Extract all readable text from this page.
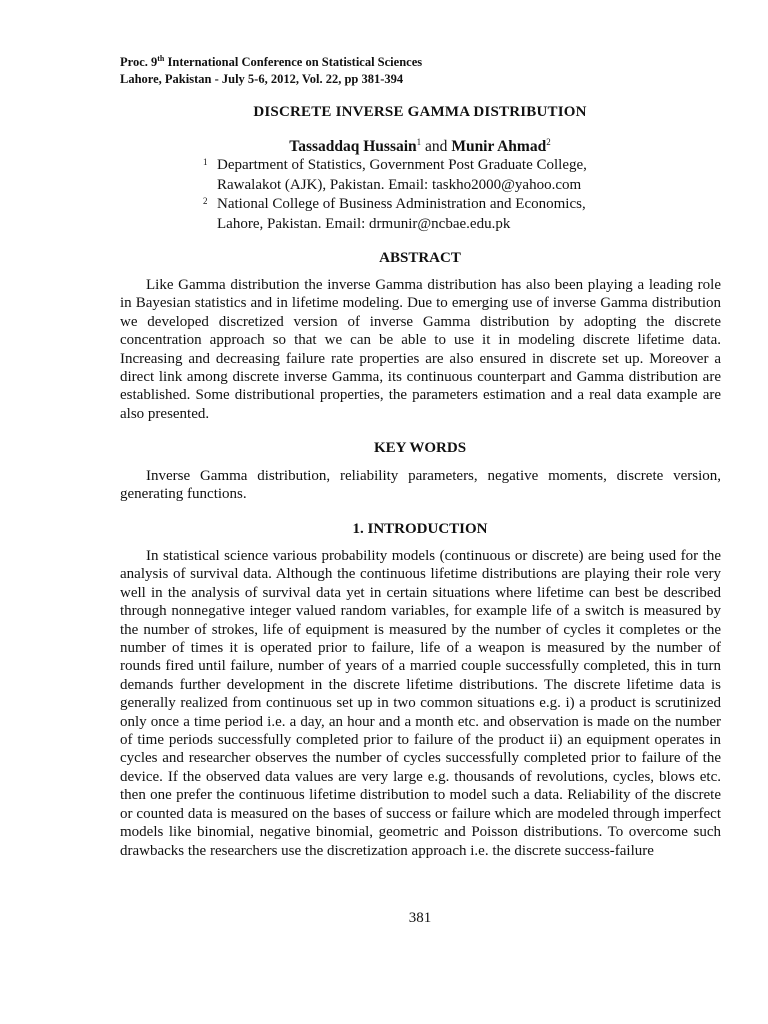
Proc. 9th International Conference on Statistical Sciences
Lahore, Pakistan - July 5-6, 2012, Vol. 22, pp 381-394
DISCRETE INVERSE GAMMA DISTRIBUTION
Tassaddaq Hussain$^1$ and Munir Ahmad$^2$
1 Department of Statistics, Government Post Graduate College,
Rawalakot (AJK), Pakistan. Email: taskho2000@yahoo.com
2 National College of Business Administration and Economics,
Lahore, Pakistan. Email: drmunir@ncbae.edu.pk
ABSTRACT

Like Gamma distribution the inverse Gamma distribution has also been playing a leading role in Bayesian statistics and in lifetime modeling. Due to emerging use of inverse Gamma distribution we developed discretized version of inverse Gamma distribution by adopting the discrete concentration approach so that we can be able to use it in modeling discrete lifetime data. Increasing and decreasing failure rate properties are also ensured in discrete set up. Moreover a direct link among discrete inverse Gamma, its continuous counterpart and Gamma distribution are established. Some distributional properties, the parameters estimation and a real data example are also presented.

KEY WORDS

Inverse Gamma distribution, reliability parameters, negative moments, discrete version, generating functions.

1. INTRODUCTION

In statistical science various probability models (continuous or discrete) are being used for the analysis of survival data. Although the continuous lifetime distributions are playing their role very well in the analysis of survival data yet in certain situations where lifetime can best be described through nonnegative integer valued random variables, for example life of a switch is measured by the number of strokes, life of equipment is measured by the number of cycles it completes or the number of times it is operated prior to failure, life of a weapon is measured by the number of rounds fired until failure, number of years of a married couple successfully completed, this in turn demands further development in the discrete lifetime distributions. The discrete lifetime data is generally realized from continuous set up in two common situations e.g. i) a product is scrutinized only once a time period i.e. a day, an hour and a month etc. and observation is made on the number of time periods successfully completed prior to failure of the product ii) an equipment operates in cycles and researcher observes the number of cycles successfully completed prior to failure of the device. If the observed data values are very large e.g. thousands of revolutions, cycles, blows etc. then one prefer the continuous lifetime distribution to model such a data. Reliability of the discrete or counted data is measured on the bases of success or failure which are modeled through imperfect models like binomial, negative binomial, geometric and Poisson distributions. To overcome such drawbacks the researchers use the discretization approach i.e. the discrete success-failure

381
